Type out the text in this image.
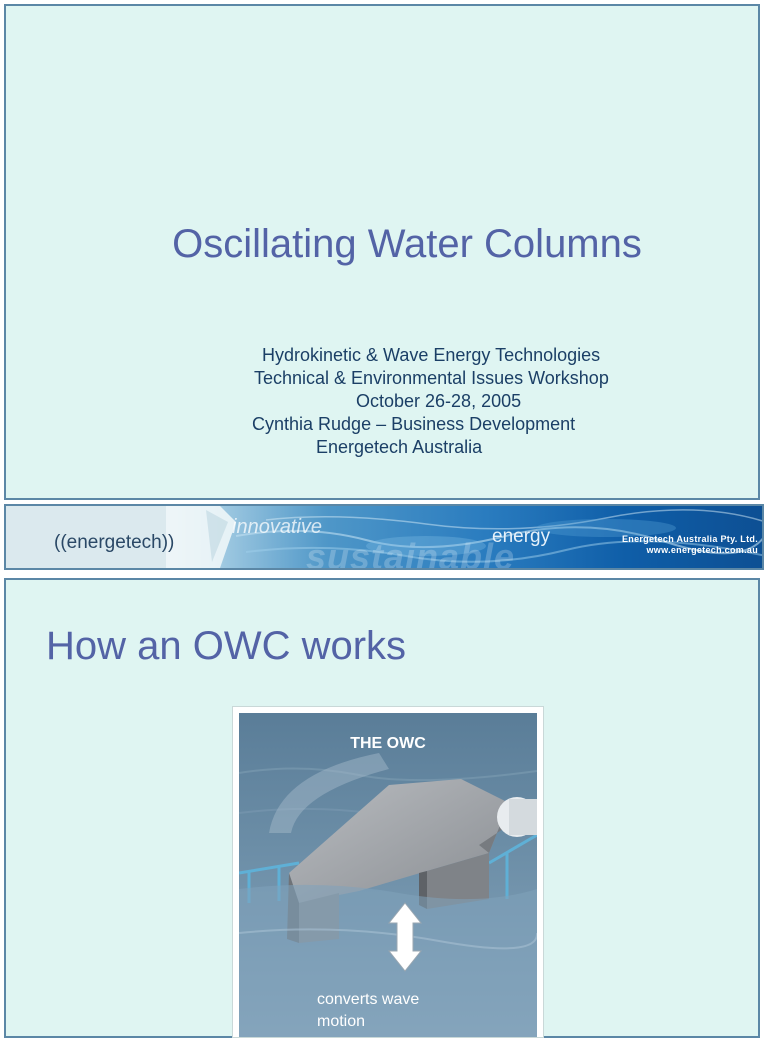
Oscillating Water Columns
Hydrokinetic & Wave Energy Technologies
Technical & Environmental Issues Workshop
October 26-28, 2005
Cynthia Rudge – Business Development
Energetech Australia
((energetech))
innovative
sustainable
energy	Energetech Australia Pty. Ltd.
www.energetech.com.au
How an OWC works
THE OWC
converts wave
motion
